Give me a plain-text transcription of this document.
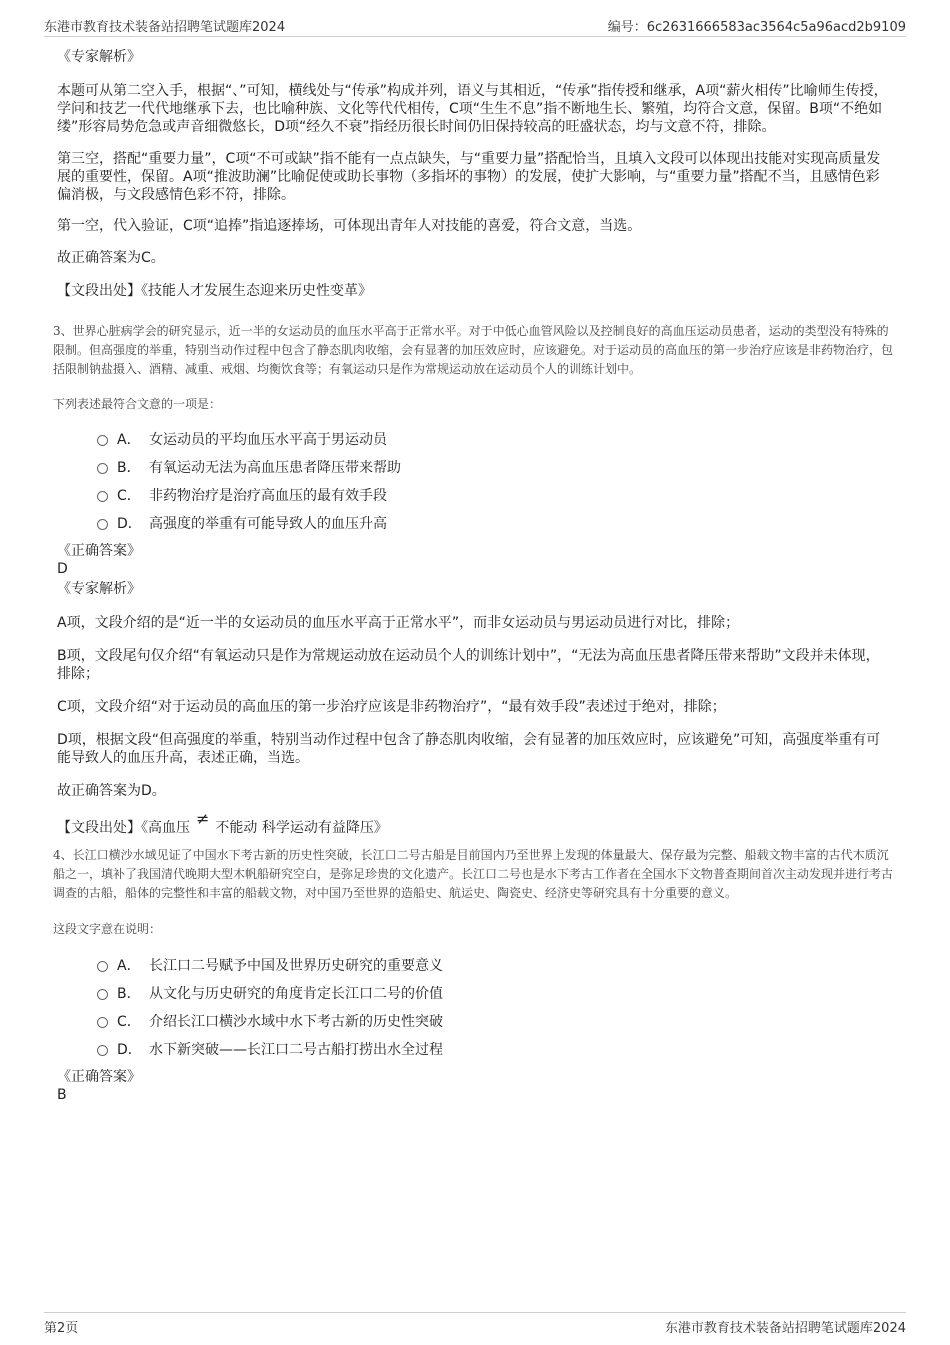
东港市教育技术装备站招聘笔试题库2024	编号：6c2631666583ac3564c5a96acd2b9109

《专家解析》

本题可从第二空入手，根据“、”可知，横线处与“传承”构成并列，语义与其相近，“传承”指传授和继承，A项“薪火相传”比喻师生传授，学问和技艺一代代地继承下去，也比喻种族、文化等代代相传，C项“生生不息”指不断地生长、繁殖，均符合文意，保留。B项“不绝如缕”形容局势危急或声音细微悠长，D项“经久不衰”指经历很长时间仍旧保持较高的旺盛状态，均与文意不符，排除。

第三空，搭配“重要力量”，C项“不可或缺”指不能有一点点缺失，与“重要力量”搭配恰当，且填入文段可以体现出技能对实现高质量发展的重要性，保留。A项“推波助澜”比喻促使或助长事物（多指坏的事物）的发展，使扩大影响，与“重要力量”搭配不当，且感情色彩偏消极，与文段感情色彩不符，排除。

第一空，代入验证，C项“追捧”指追逐捧场，可体现出青年人对技能的喜爱，符合文意，当选。

故正确答案为C。

【文段出处】《技能人才发展生态迎来历史性变革》

3、世界心脏病学会的研究显示，近一半的女运动员的血压水平高于正常水平。对于中低心血管风险以及控制良好的高血压运动员患者，运动的类型没有特殊的限制。但高强度的举重，特别当动作过程中包含了静态肌肉收缩，会有显著的加压效应时，应该避免。对于运动员的高血压的第一步治疗应该是非药物治疗，包括限制钠盐摄入、酒精、减重、戒烟、均衡饮食等；有氧运动只是作为常规运动放在运动员个人的训练计划中。

下列表述最符合文意的一项是：

A． 女运动员的平均血压水平高于男运动员
B． 有氧运动无法为高血压患者降压带来帮助
C． 非药物治疗是治疗高血压的最有效手段
D． 高强度的举重有可能导致人的血压升高

《正确答案》

D

《专家解析》

A项，文段介绍的是“近一半的女运动员的血压水平高于正常水平”，而非女运动员与男运动员进行对比，排除；

B项，文段尾句仅介绍“有氧运动只是作为常规运动放在运动员个人的训练计划中”，“无法为高血压患者降压带来帮助”文段并未体现，排除；

C项，文段介绍“对于运动员的高血压的第一步治疗应该是非药物治疗”，“最有效手段”表述过于绝对，排除；

D项，根据文段“但高强度的举重，特别当动作过程中包含了静态肌肉收缩，会有显著的加压效应时，应该避免”可知，高强度举重有可能导致人的血压升高，表述正确，当选。

故正确答案为D。

【文段出处】《高血压 ≠ 不能动 科学运动有益降压》

4、长江口横沙水域见证了中国水下考古新的历史性突破，长江口二号古船是目前国内乃至世界上发现的体量最大、保存最为完整、船载文物丰富的古代木质沉船之一，填补了我国清代晚期大型木帆船研究空白，是弥足珍贵的文化遗产。长江口二号也是水下考古工作者在全国水下文物普查期间首次主动发现并进行考古调查的古船，船体的完整性和丰富的船载文物，对中国乃至世界的造船史、航运史、陶瓷史、经济史等研究具有十分重要的意义。

这段文字意在说明：

A． 长江口二号赋予中国及世界历史研究的重要意义
B． 从文化与历史研究的角度肯定长江口二号的价值
C． 介绍长江口横沙水域中水下考古新的历史性突破
D． 水下新突破——长江口二号古船打捞出水全过程

《正确答案》

B

第2页	东港市教育技术装备站招聘笔试题库2024
